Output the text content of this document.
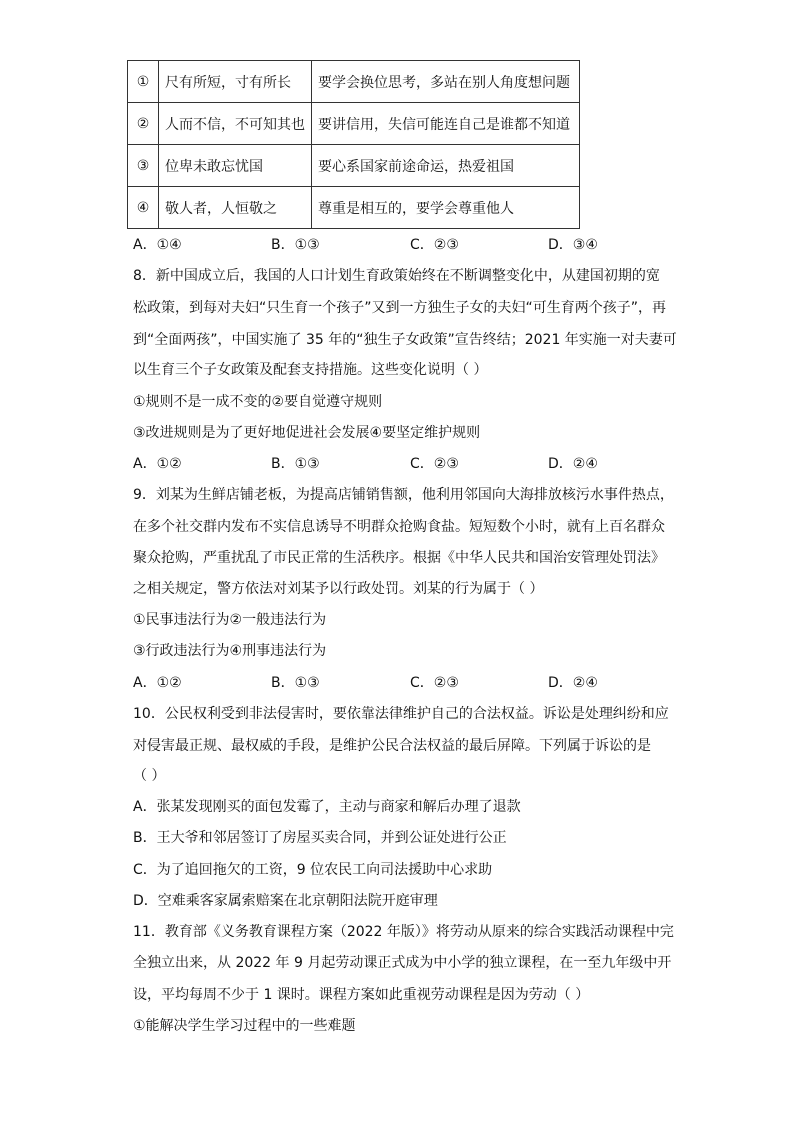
①	尺有所短，寸有所长	要学会换位思考，多站在别人角度想问题
②	人而不信，不可知其也	要讲信用，失信可能连自己是谁都不知道
③	位卑未敢忘忧国	要心系国家前途命运，热爱祖国
④	敬人者，人恒敬之	尊重是相互的，要学会尊重他人
A．①④	B．①③	C．②③	D．③④
8．新中国成立后，我国的人口计划生育政策始终在不断调整变化中，从建国初期的宽
松政策，到每对夫妇“只生育一个孩子”又到一方独生子女的夫妇“可生育两个孩子”，再
到“全面两孩”，中国实施了 35 年的“独生子女政策”宣告终结；2021 年实施一对夫妻可
以生育三个子女政策及配套支持措施。这些变化说明（ ）
①规则不是一成不变的②要自觉遵守规则
③改进规则是为了更好地促进社会发展④要坚定维护规则
A．①②	B．①③	C．②③	D．②④
9．刘某为生鲜店铺老板，为提高店铺销售额，他利用邻国向大海排放核污水事件热点，
在多个社交群内发布不实信息诱导不明群众抢购食盐。短短数个小时，就有上百名群众
聚众抢购，严重扰乱了市民正常的生活秩序。根据《中华人民共和国治安管理处罚法》
之相关规定，警方依法对刘某予以行政处罚。刘某的行为属于（ ）
①民事违法行为②一般违法行为
③行政违法行为④刑事违法行为
A．①②	B．①③	C．②③	D．②④
10．公民权利受到非法侵害时，要依靠法律维护自己的合法权益。诉讼是处理纠纷和应
对侵害最正规、最权威的手段，是维护公民合法权益的最后屏障。下列属于诉讼的是
（ ）
A．张某发现刚买的面包发霉了，主动与商家和解后办理了退款
B．王大爷和邻居签订了房屋买卖合同，并到公证处进行公正
C．为了追回拖欠的工资，9 位农民工向司法援助中心求助
D．空难乘客家属索赔案在北京朝阳法院开庭审理
11．教育部《义务教育课程方案（2022 年版）》将劳动从原来的综合实践活动课程中完
全独立出来，从 2022 年 9 月起劳动课正式成为中小学的独立课程，在一至九年级中开
设，平均每周不少于 1 课时。课程方案如此重视劳动课程是因为劳动（ ）
①能解决学生学习过程中的一些难题
